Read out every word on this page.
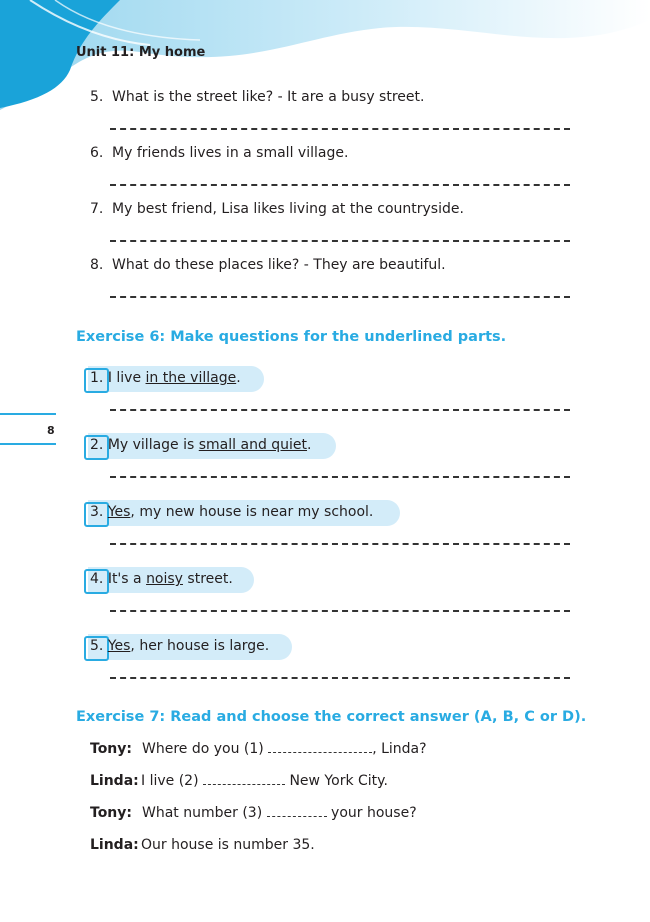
Unit 11: My home
5. What is the street like? - It are a busy street.
6. My friends lives in a small village.
7. My best friend, Lisa likes living at the countryside.
8. What do these places like? - They are beautiful.
Exercise 6: Make questions for the underlined parts.
1. I live in the village.
2. My village is small and quiet.
3. Yes, my new house is near my school.
4. It's a noisy street.
5. Yes, her house is large.
8
Exercise 7: Read and choose the correct answer (A, B, C or D).
Tony: Where do you (1)	, Linda?
Linda: I live (2)	New York City.
Tony: What number (3)	your house?
Linda: Our house is number 35.
